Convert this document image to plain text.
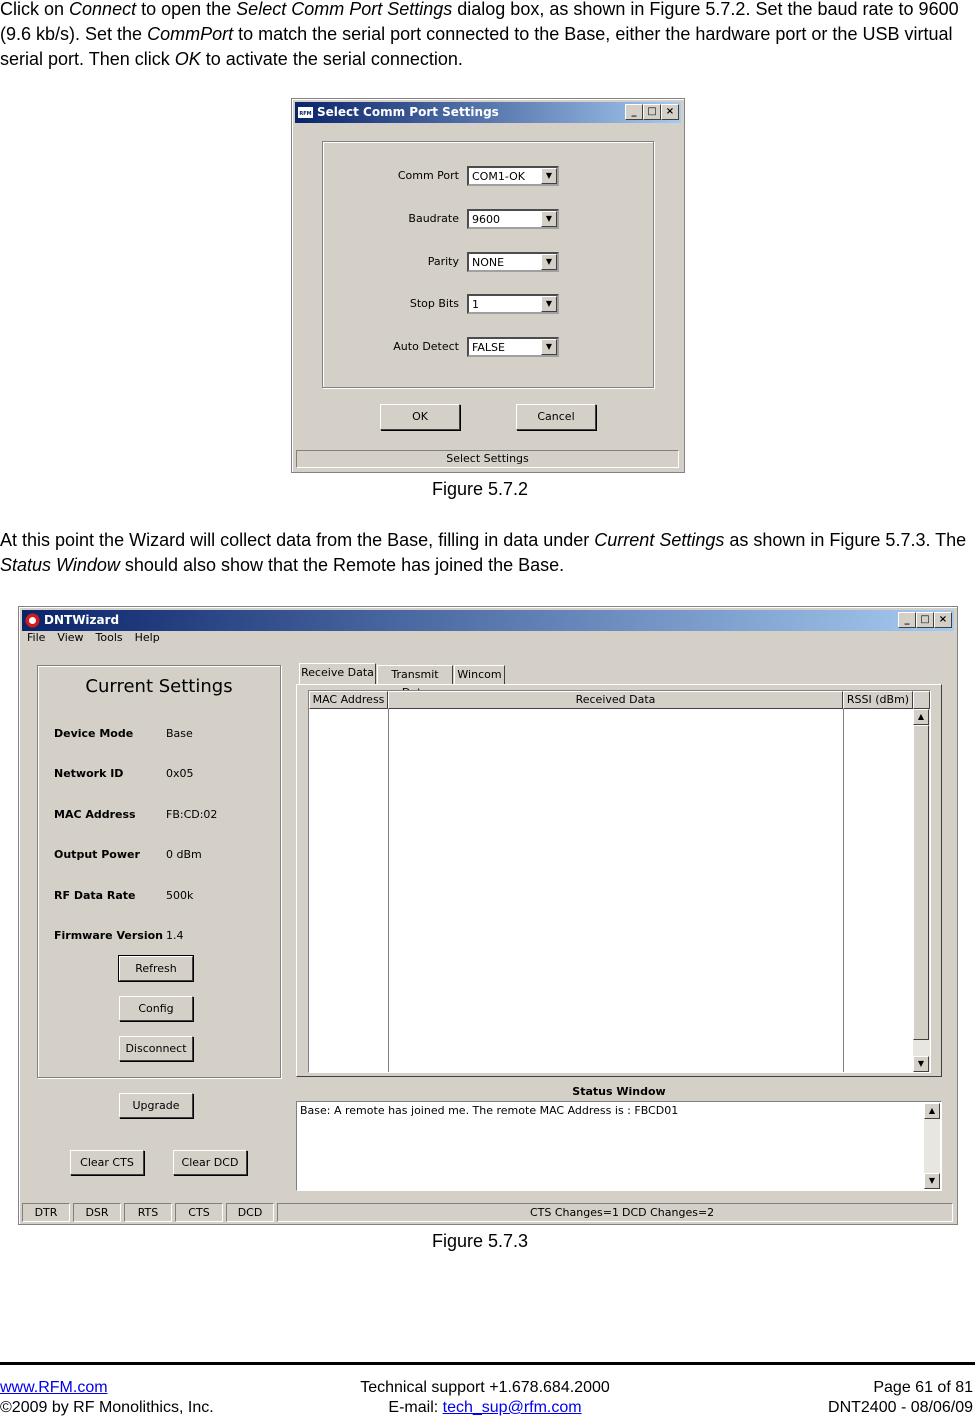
Click on Connect to open the Select Comm Port Settings dialog box, as shown in Figure 5.7.2. Set the baud rate to 9600 (9.6 kb/s). Set the CommPort to match the serial port connected to the Base, either the hardware port or the USB virtual serial port. Then click OK to activate the serial connection.
RFM Select Comm Port Settings	_	□ ×
Comm Port COM1-OK	▼
Baudrate 9600	▼
Parity NONE	▼
Stop Bits 1	▼
Auto Detect FALSE	▼
OK	Cancel
Select Settings
Figure 5.7.2
At this point the Wizard will collect data from the Base, filling in data under Current Settings as shown in Figure 5.7.3. The Status Window should also show that the Remote has joined the Base.
DNTWizard	_	□ ×
File View Tools Help
Current Settings
Device Mode	Base
Network ID	0x05
MAC Address	FB:CD:02
Output Power 0 dBm
RF Data Rate	500k
Firmware Version 1.4
Refresh
Config
Disconnect
Upgrade
Clear CTS	Clear DCD
Receive Data	Transmit	Wincom
MAC Address	Received Data	RSSI (dBm)
▲
▼
Status Window
Base: A remote has joined me. The remote MAC Address is : FBCD01	▲
▼
DTR	DSR	RTS	CTS	DCD	CTS Changes=1 DCD Changes=2
Figure 5.7.3
www.RFM.com
©2009 by RF Monolithics, Inc.
Technical support +1.678.684.2000
E-mail: tech_sup@rfm.com
Page 61 of 81
DNT2400 - 08/06/09
